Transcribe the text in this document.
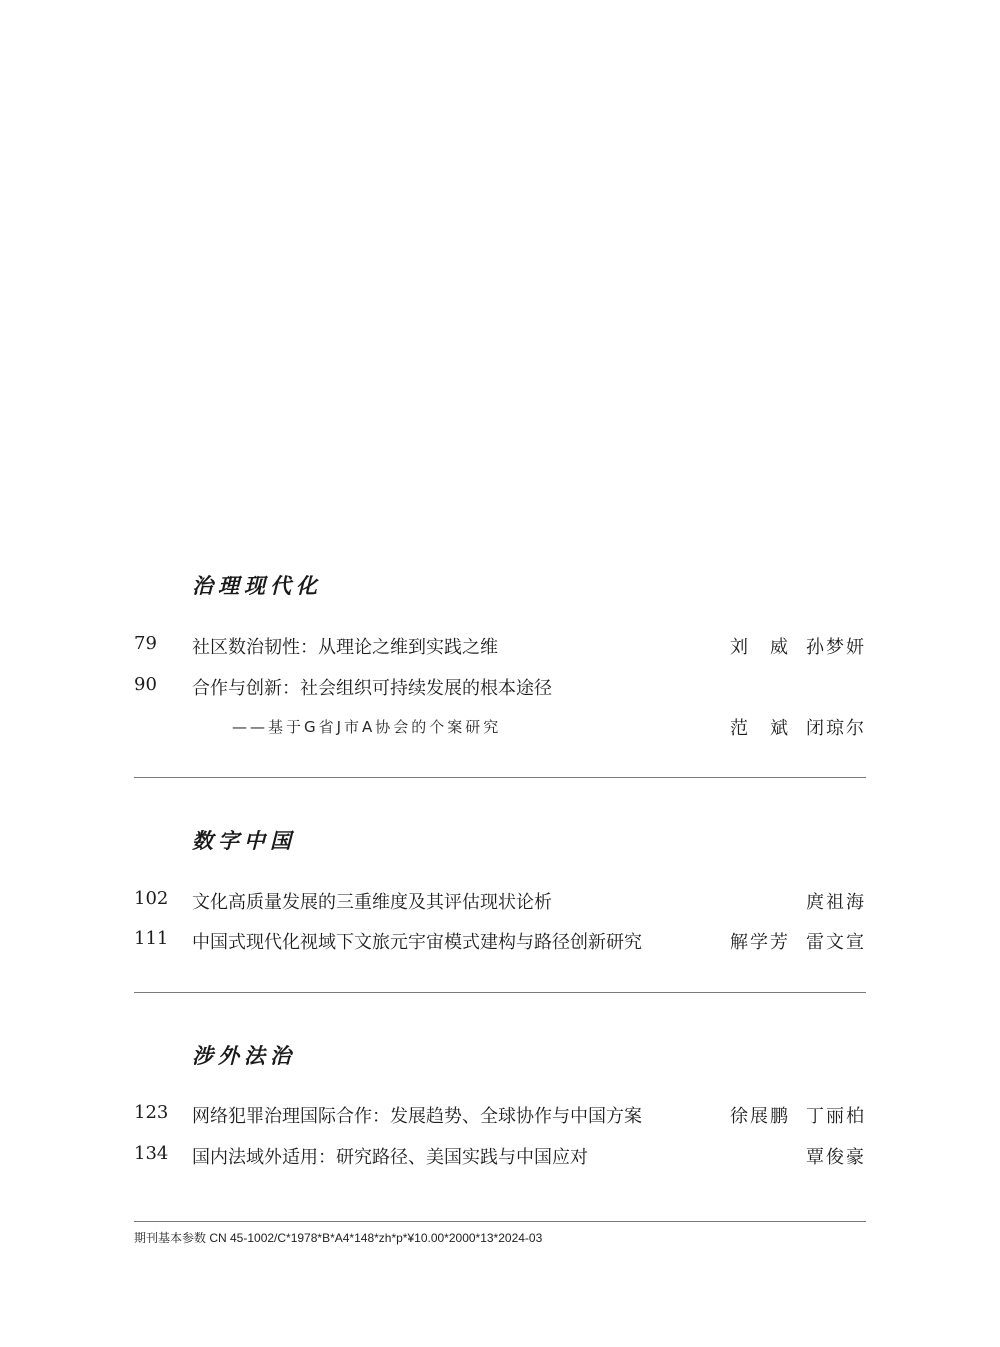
治理现代化
79	社区数治韧性：从理论之维到实践之维	刘　威 孙梦妍
90	合作与创新：社会组织可持续发展的根本途径
——基于G省J市A协会的个案研究	范　斌 闭琼尔
数字中国
102	文化高质量发展的三重维度及其评估现状论析	庹祖海
111	中国式现代化视域下文旅元宇宙模式建构与路径创新研究	解学芳 雷文宣
涉外法治
123	网络犯罪治理国际合作：发展趋势、全球协作与中国方案	徐展鹏 丁丽柏
134	国内法域外适用：研究路径、美国实践与中国应对	覃俊豪
期刊基本参数 CN 45-1002/C*1978*B*A4*148*zh*p*¥10.00*2000*13*2024-03
